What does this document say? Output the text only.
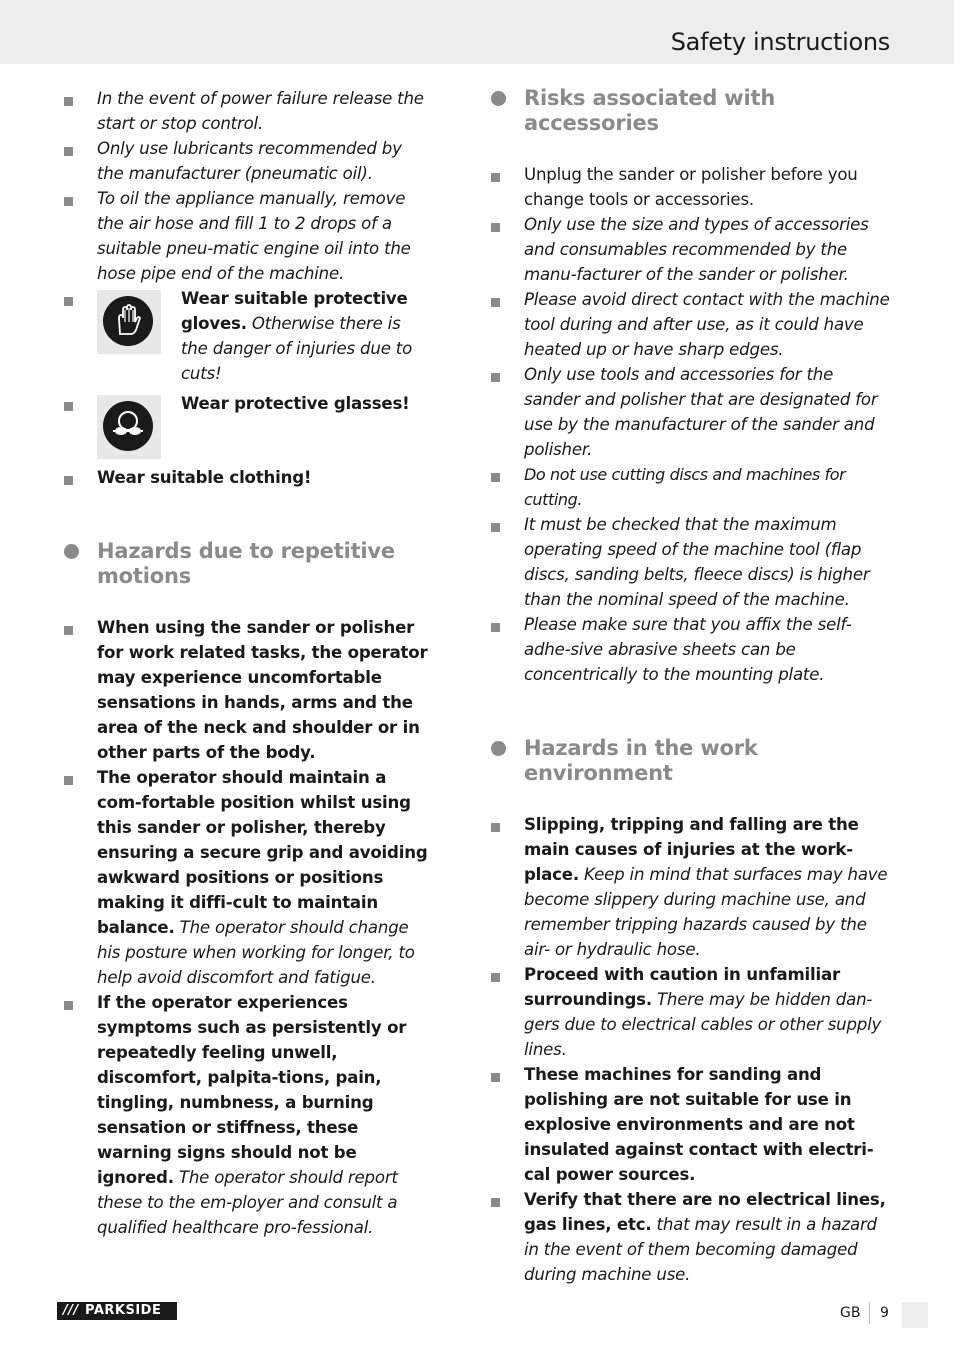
Safety instructions
In the event of power failure release the start or stop control.
Only use lubricants recommended by the manufacturer (pneumatic oil).
To oil the appliance manually, remove the air hose and fill 1 to 2 drops of a suitable pneu-matic engine oil into the hose pipe end of the machine.
Wear suitable protective gloves. Otherwise there is the danger of injuries due to cuts!
Wear protective glasses!
Wear suitable clothing!
Hazards due to repetitive motions
When using the sander or polisher for work related tasks, the operator may experience uncomfortable sensations in hands, arms and the area of the neck and shoulder or in other parts of the body.
The operator should maintain a com-fortable position whilst using this sander or polisher, thereby ensuring a secure grip and avoiding awkward positions or positions making it diffi-cult to maintain balance. The operator should change his posture when working for longer, to help avoid discomfort and fatigue.
If the operator experiences symptoms such as persistently or repeatedly feeling unwell, discomfort, palpita-tions, pain, tingling, numbness, a burning sensation or stiffness, these warning signs should not be ignored. The operator should report these to the em-ployer and consult a qualified healthcare pro-fessional.
Risks associated with accessories
Unplug the sander or polisher before you change tools or accessories.
Only use the size and types of accessories and consumables recommended by the manu-facturer of the sander or polisher.
Please avoid direct contact with the machine tool during and after use, as it could have heated up or have sharp edges.
Only use tools and accessories for the sander and polisher that are designated for use by the manufacturer of the sander and polisher.
Do not use cutting discs and machines for cutting.
It must be checked that the maximum operating speed of the machine tool (flap discs, sanding belts, fleece discs) is higher than the nominal speed of the machine.
Please make sure that you affix the self-adhe-sive abrasive sheets can be concentrically to the mounting plate.
Hazards in the work environment
Slipping, tripping and falling are the main causes of injuries at the work-place. Keep in mind that surfaces may have become slippery during machine use, and remember tripping hazards caused by the air- or hydraulic hose.
Proceed with caution in unfamiliar surroundings. There may be hidden dan-gers due to electrical cables or other supply lines.
These machines for sanding and polishing are not suitable for use in explosive environments and are not insulated against contact with electri-cal power sources.
Verify that there are no electrical lines, gas lines, etc. that may result in a hazard in the event of them becoming damaged during machine use.
/// PARKSIDE	GB 9
